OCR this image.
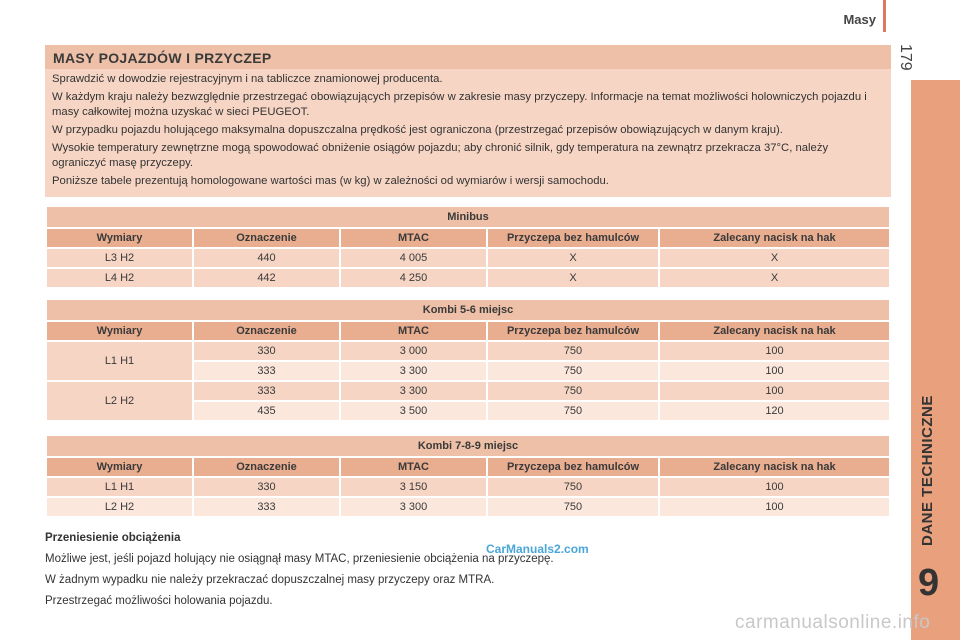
Masy
179
DANE TECHNICZNE
9
MASY POJAZDÓW I PRZYCZEP

Sprawdzić w dowodzie rejestracyjnym i na tabliczce znamionowej producenta.

W każdym kraju należy bezwzględnie przestrzegać obowiązujących przepisów w zakresie masy przyczepy. Informacje na temat możliwości holowniczych pojazdu i masy całkowitej można uzyskać w sieci PEUGEOT.

W przypadku pojazdu holującego maksymalna dopuszczalna prędkość jest ograniczona (przestrzegać przepisów obowiązujących w danym kraju).

Wysokie temperatury zewnętrzne mogą spowodować obniżenie osiągów pojazdu; aby chronić silnik, gdy temperatura na zewnątrz przekracza 37°C, należy ograniczyć masę przyczepy.

Poniższe tabele prezentują homologowane wartości mas (w kg) w zależności od wymiarów i wersji samochodu.

Minibus				
Wymiary	Oznaczenie	MTAC	Przyczepa bez hamulców	Zalecany nacisk na hak
L3 H2	440	4 005	X	X
L4 H2	442	4 250	X	X
Kombi 5-6 miejsc				
Wymiary	Oznaczenie	MTAC	Przyczepa bez hamulców	Zalecany nacisk na hak
L1 H1	330	3 000	750	100
	333	3 300	750	100
L2 H2	333	3 300	750	100
	435	3 500	750	120
Kombi 7-8-9 miejsc				
Wymiary	Oznaczenie	MTAC	Przyczepa bez hamulców	Zalecany nacisk na hak
L1 H1	330	3 150	750	100
L2 H2	333	3 300	750	100
Przeniesienie obciążenia
Możliwe jest, jeśli pojazd holujący nie osiągnął masy MTAC, przeniesienie obciążenia na przyczepę.
W żadnym wypadku nie należy przekraczać dopuszczalnej masy przyczepy oraz MTRA.
Przestrzegać możliwości holowania pojazdu.
CarManuals2.com
carmanualsonline.info
